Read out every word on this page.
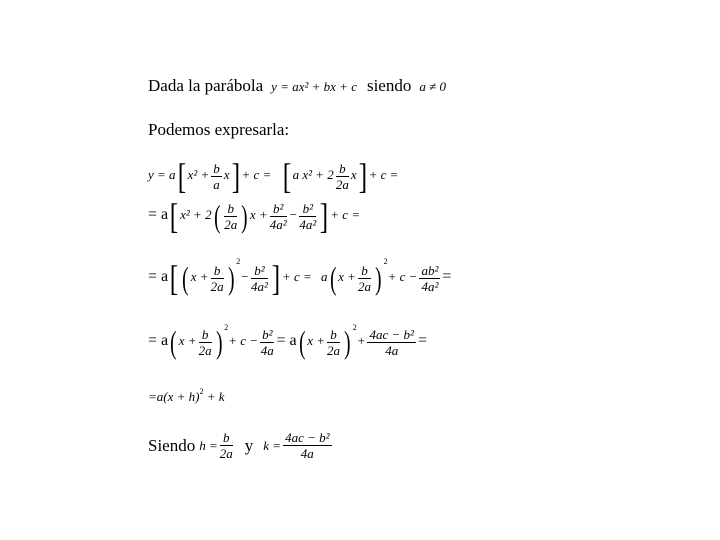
Dada la parábola y = ax² + bx + c siendo a ≠ 0
Podemos expresarla:
y = a[ $x^2 + \frac{b}{a} x] + c$ = [ a $x^2 + 2 \frac{b}{2a} x] + c$ =
= a[ $x^2 + 2( \frac{b}{2a}$ ) $x + \frac{\text{b²}}{\text{4a²}} - \frac{\text{b²}}{\text{4a²}}$ ] + c =
= a[ ( $x + \frac{b}{2a}$ ) $^2- \frac{\text{b²}}{\text{4a²}}$ ] + c = a( $x + \frac{b}{2a}$ ) $^2+ c - \frac{\text{ab²}}{\text{4a²}}$ =
= a( $x + \frac{b}{2a}$ ) $^2+ c - \frac{\text{b²}}{4a} = a$( $x + \frac{b}{2a}$ ) $^2+ \frac{\text{4ac − b²}}{4a}$ =
$=a(x + h)^2 + k$
Siendo $h = \frac{b}{2a}$ y $k = \frac{\text{4ac − b²}}{4a}$
